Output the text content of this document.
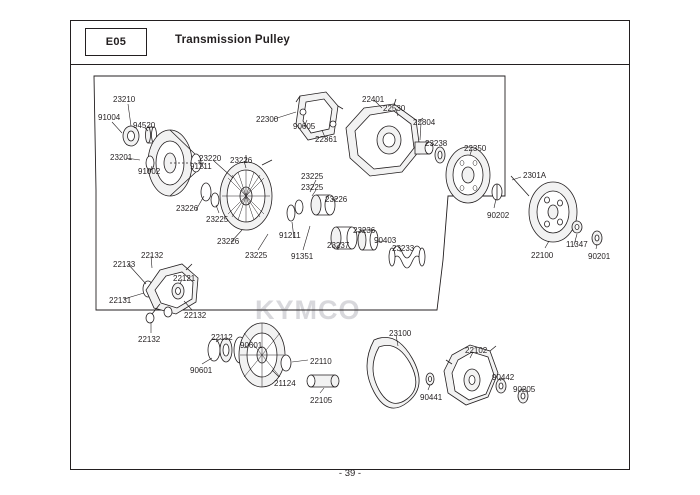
E05	Transmission Pulley
KYMCO
23210
91004
94520
23201
91002
91211
23220 23226
23225
23225
23226
23226
23225
23226
23225
91211
91351
23237
23236
90403
23233
22300
90605
22361
22401
22530
22804
23238
22350
90202
2301A
22100
11347
90201
22132
22133
22121
22131
22132
22132	22112
90601
90601
21124
22110
22105
23100
90441
22102
90442
90205
- 39 -
